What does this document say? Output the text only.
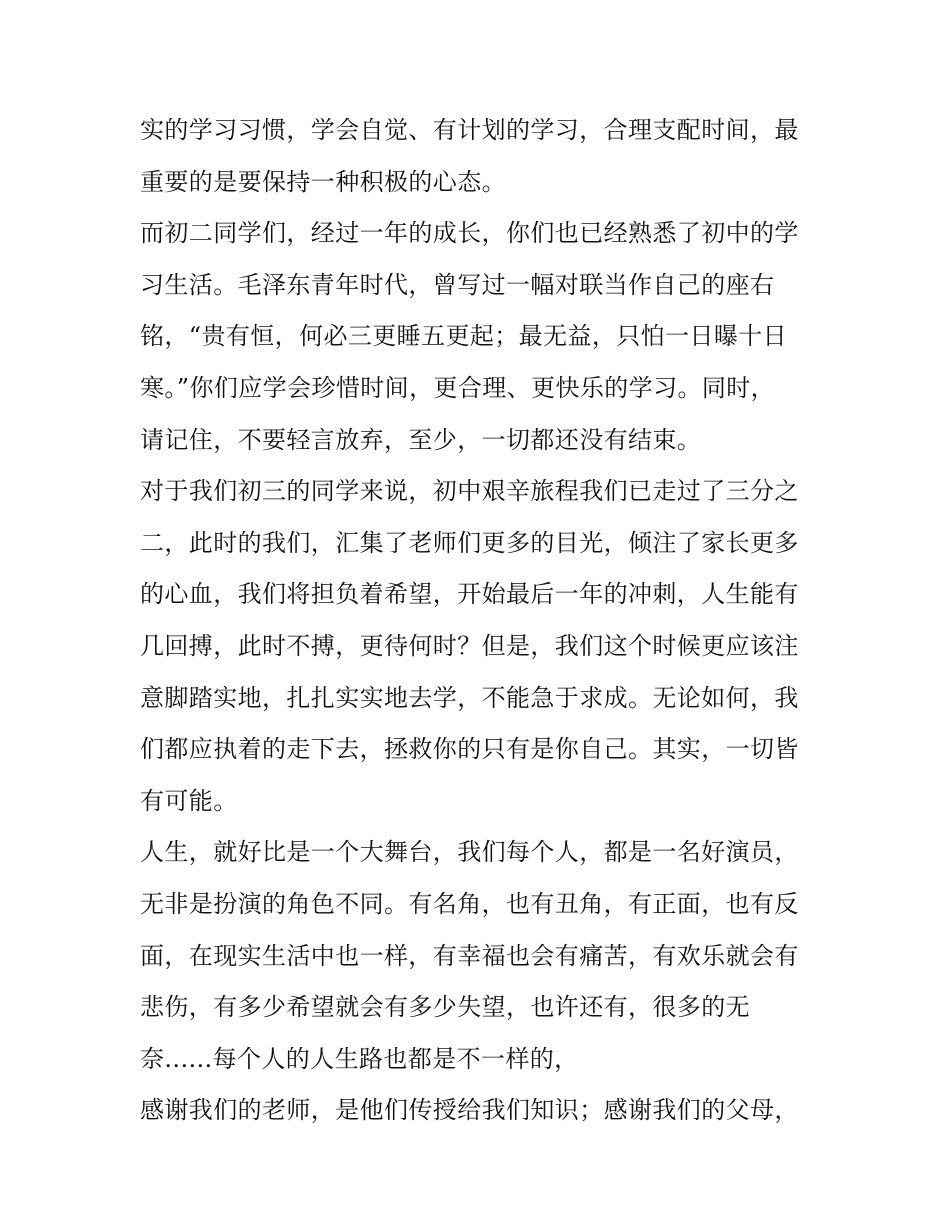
实的学习习惯，学会自觉、有计划的学习，合理支配时间，最
重要的是要保持一种积极的心态。
而初二同学们，经过一年的成长，你们也已经熟悉了初中的学
习生活。毛泽东青年时代，曾写过一幅对联当作自己的座右
铭，“贵有恒，何必三更睡五更起；最无益，只怕一日曝十日
寒。”你们应学会珍惜时间，更合理、更快乐的学习。同时，
请记住，不要轻言放弃，至少，一切都还没有结束。
对于我们初三的同学来说，初中艰辛旅程我们已走过了三分之
二，此时的我们，汇集了老师们更多的目光，倾注了家长更多
的心血，我们将担负着希望，开始最后一年的冲刺，人生能有
几回搏，此时不搏，更待何时？但是，我们这个时候更应该注
意脚踏实地，扎扎实实地去学，不能急于求成。无论如何，我
们都应执着的走下去，拯救你的只有是你自己。其实，一切皆
有可能。
人生，就好比是一个大舞台，我们每个人，都是一名好演员，
无非是扮演的角色不同。有名角，也有丑角，有正面，也有反
面，在现实生活中也一样，有幸福也会有痛苦，有欢乐就会有
悲伤，有多少希望就会有多少失望，也许还有，很多的无
奈......每个人的人生路也都是不一样的，
感谢我们的老师，是他们传授给我们知识；感谢我们的父母，
